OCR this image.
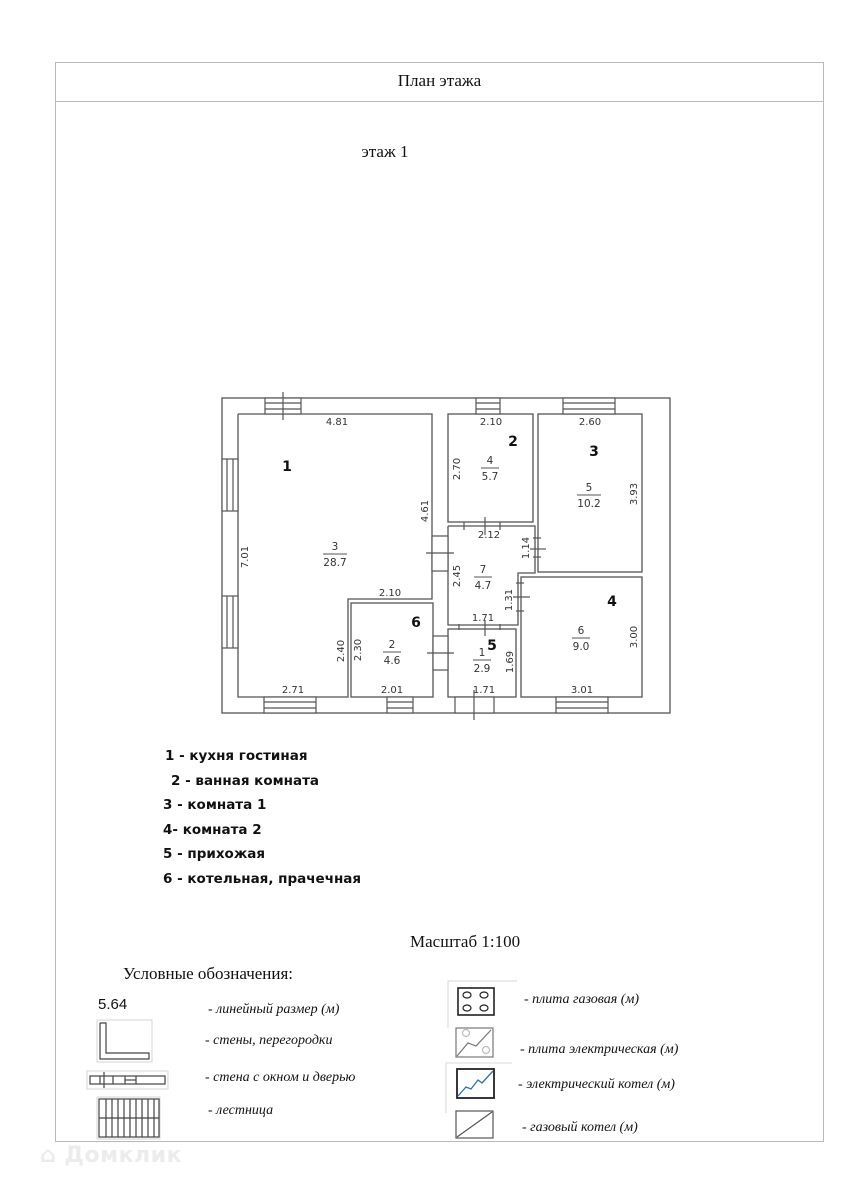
План этажа
этаж 1
4.81
7.01
4.61
2.10
2.40
2.71
2.10
2.70
2.60
3.93
3.00
3.01
1.69
1.71
2.30
2.01
2.12
1.14
2.45
1.31
1.71
3
28.7
4
5.7
5
10.2
6
9.0
1
2.9
2
4.6
7
4.7
1
2
3
4
5
6
1 - кухня гостиная
2 - ванная комната
3 - комната 1
4- комната 2
5 - прихожая
6 - котельная, прачечная
Масштаб 1:100
Условные обозначения:
5.64	- линейный размер (м)
- стены, перегородки
- стена с окном и дверью
- лестница
- плита газовая (м)
- плита электрическая (м)
- электрический котел (м)
- газовый котел (м)
⌂ Домклик
